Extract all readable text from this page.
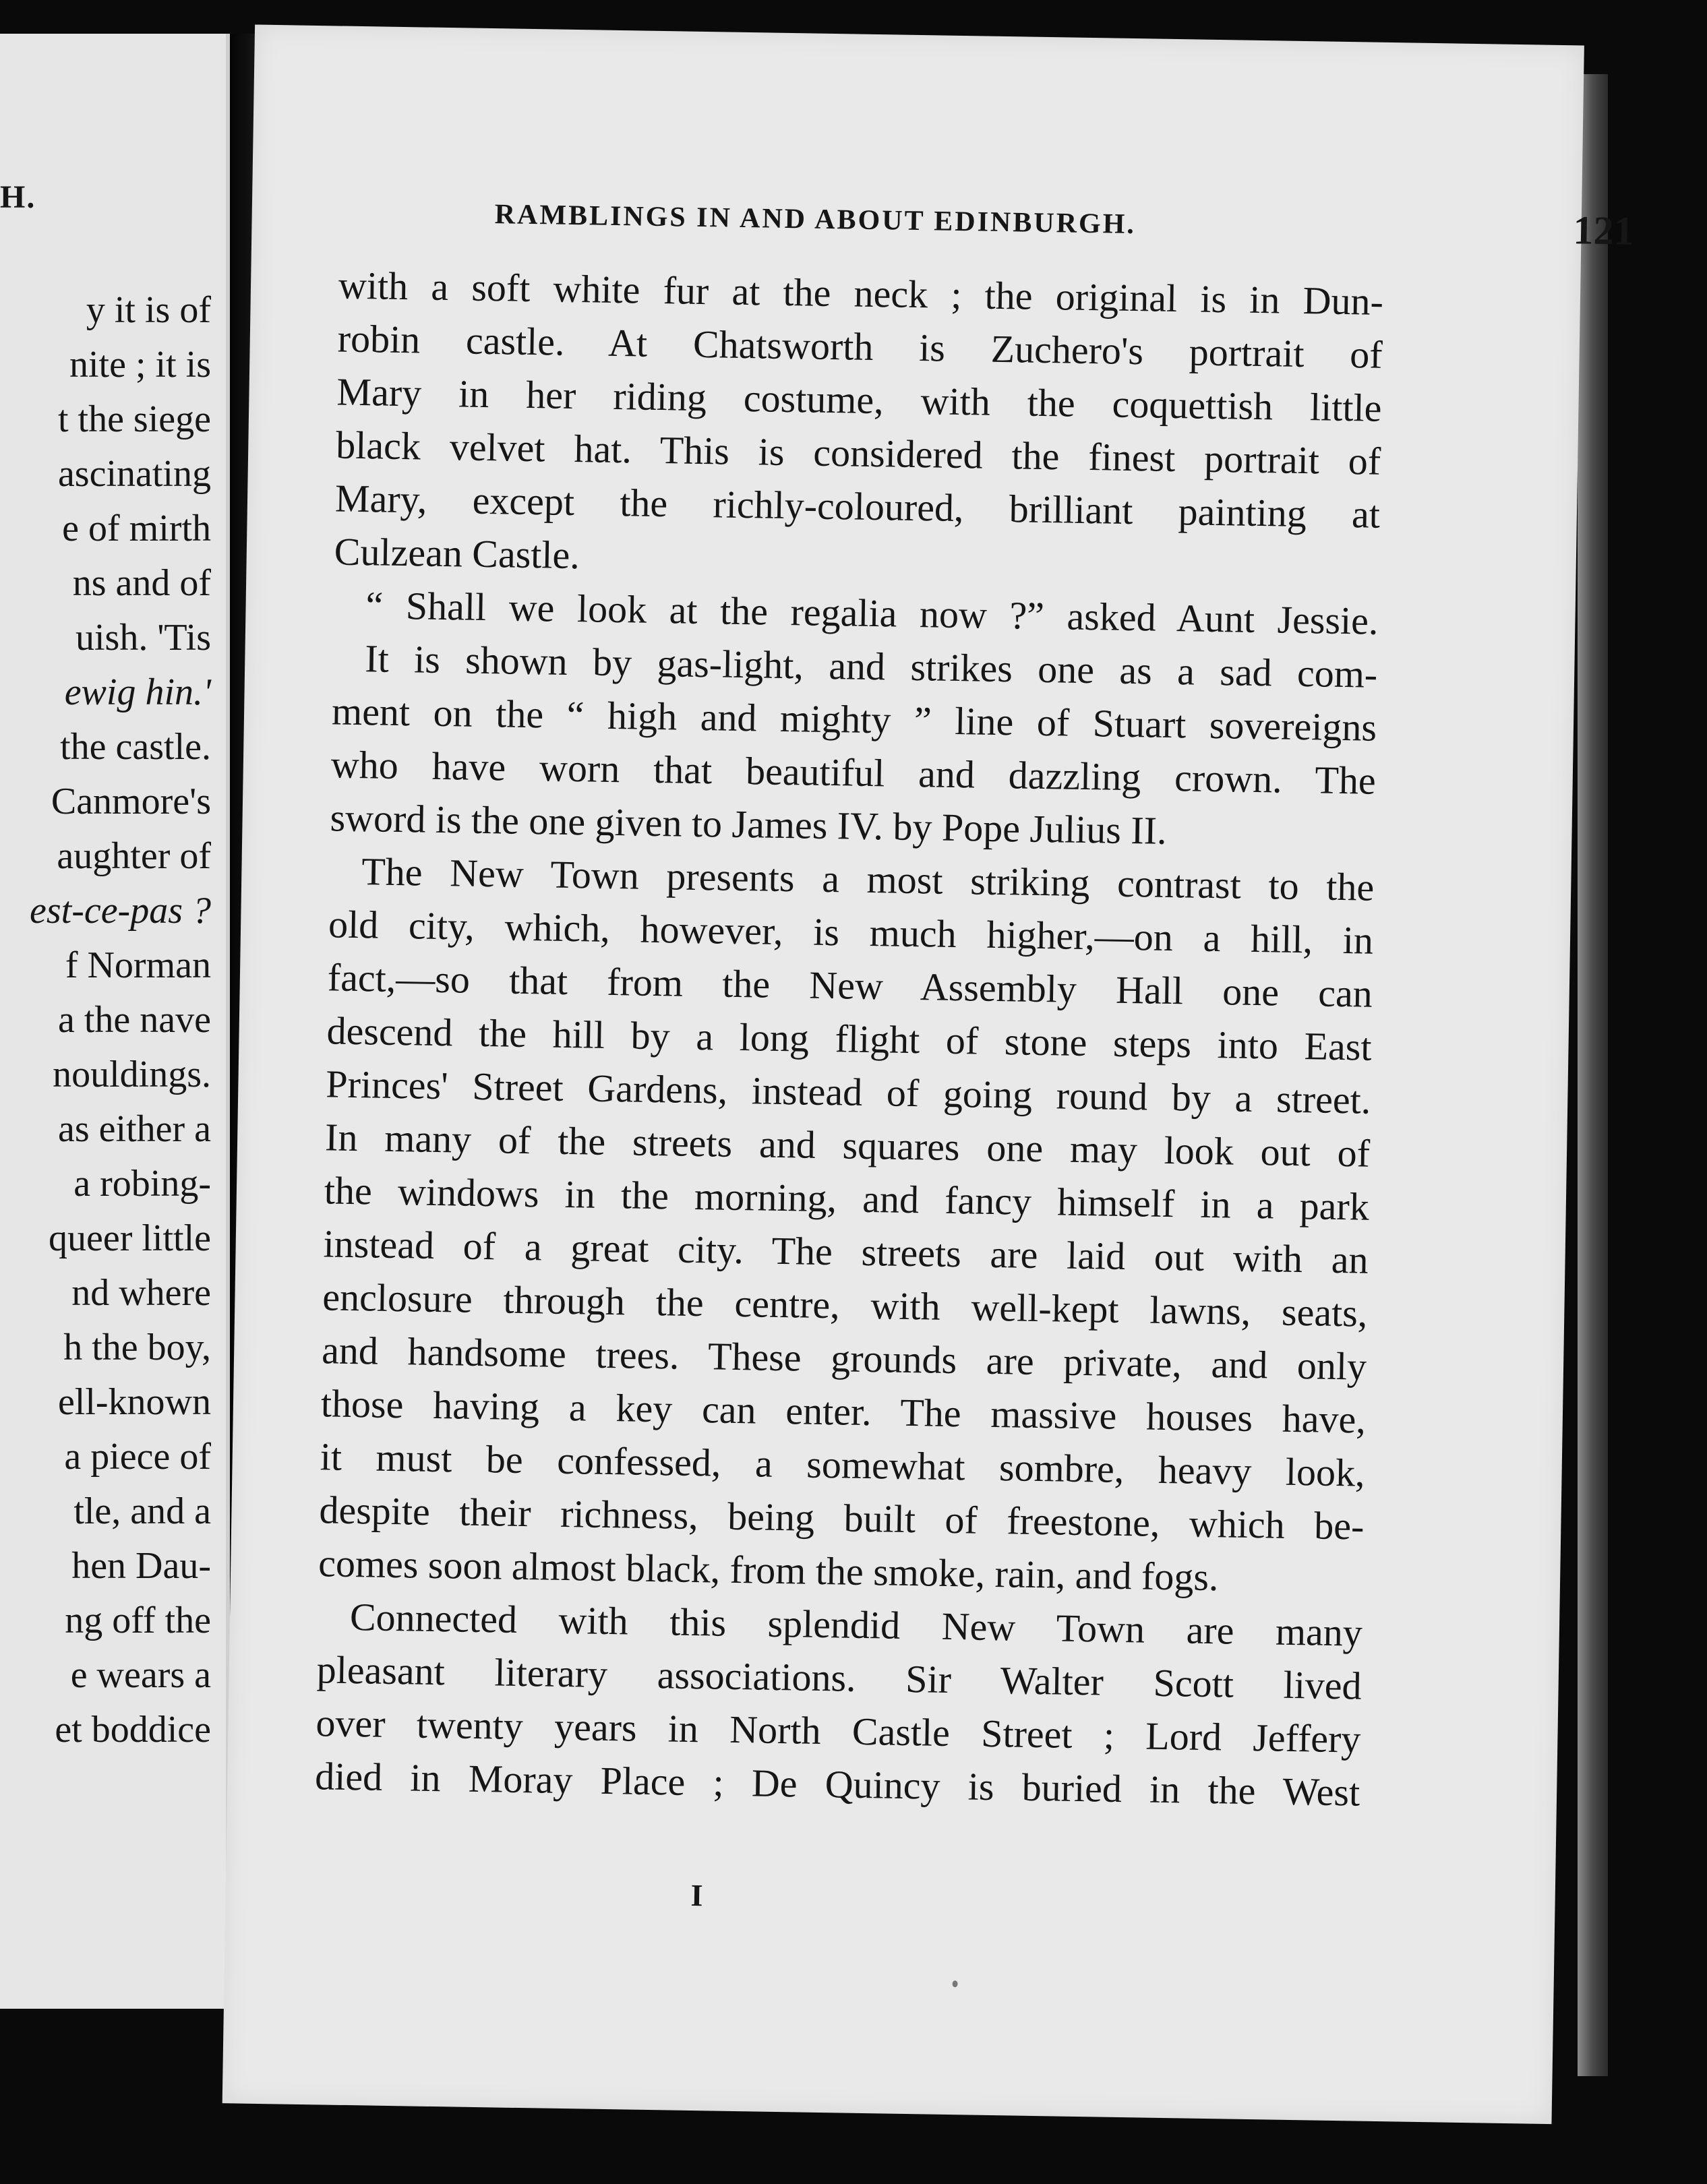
H.
y it is of
nite ; it is
t the siege
ascinating
e of mirth
ns and of
uish. 'Tis
ewig hin.'
the castle.
Canmore's
aughter of
est-ce-pas ?
f Norman
a the nave
nouldings.
as either a
a robing-
queer little
nd where
h the boy,
ell-known
a piece of
tle, and a
hen Dau-
ng off the
e wears a
et boddice
RAMBLINGS IN AND ABOUT EDINBURGH.	121
with a soft white fur at the neck ; the original is in Dun-
robin castle. At Chatsworth is Zuchero's portrait of
Mary in her riding costume, with the coquettish little
black velvet hat. This is considered the finest portrait of
Mary, except the richly-coloured, brilliant painting at
Culzean Castle.
“ Shall we look at the regalia now ?” asked Aunt Jessie.
It is shown by gas-light, and strikes one as a sad com-
ment on the “ high and mighty ” line of Stuart sovereigns
who have worn that beautiful and dazzling crown. The
sword is the one given to James IV. by Pope Julius II.
The New Town presents a most striking contrast to the
old city, which, however, is much higher,—on a hill, in
fact,—so that from the New Assembly Hall one can
descend the hill by a long flight of stone steps into East
Princes' Street Gardens, instead of going round by a street.
In many of the streets and squares one may look out of
the windows in the morning, and fancy himself in a park
instead of a great city. The streets are laid out with an
enclosure through the centre, with well-kept lawns, seats,
and handsome trees. These grounds are private, and only
those having a key can enter. The massive houses have,
it must be confessed, a somewhat sombre, heavy look,
despite their richness, being built of freestone, which be-
comes soon almost black, from the smoke, rain, and fogs.
Connected with this splendid New Town are many
pleasant literary associations. Sir Walter Scott lived
over twenty years in North Castle Street ; Lord Jeffery
died in Moray Place ; De Quincy is buried in the West
I
